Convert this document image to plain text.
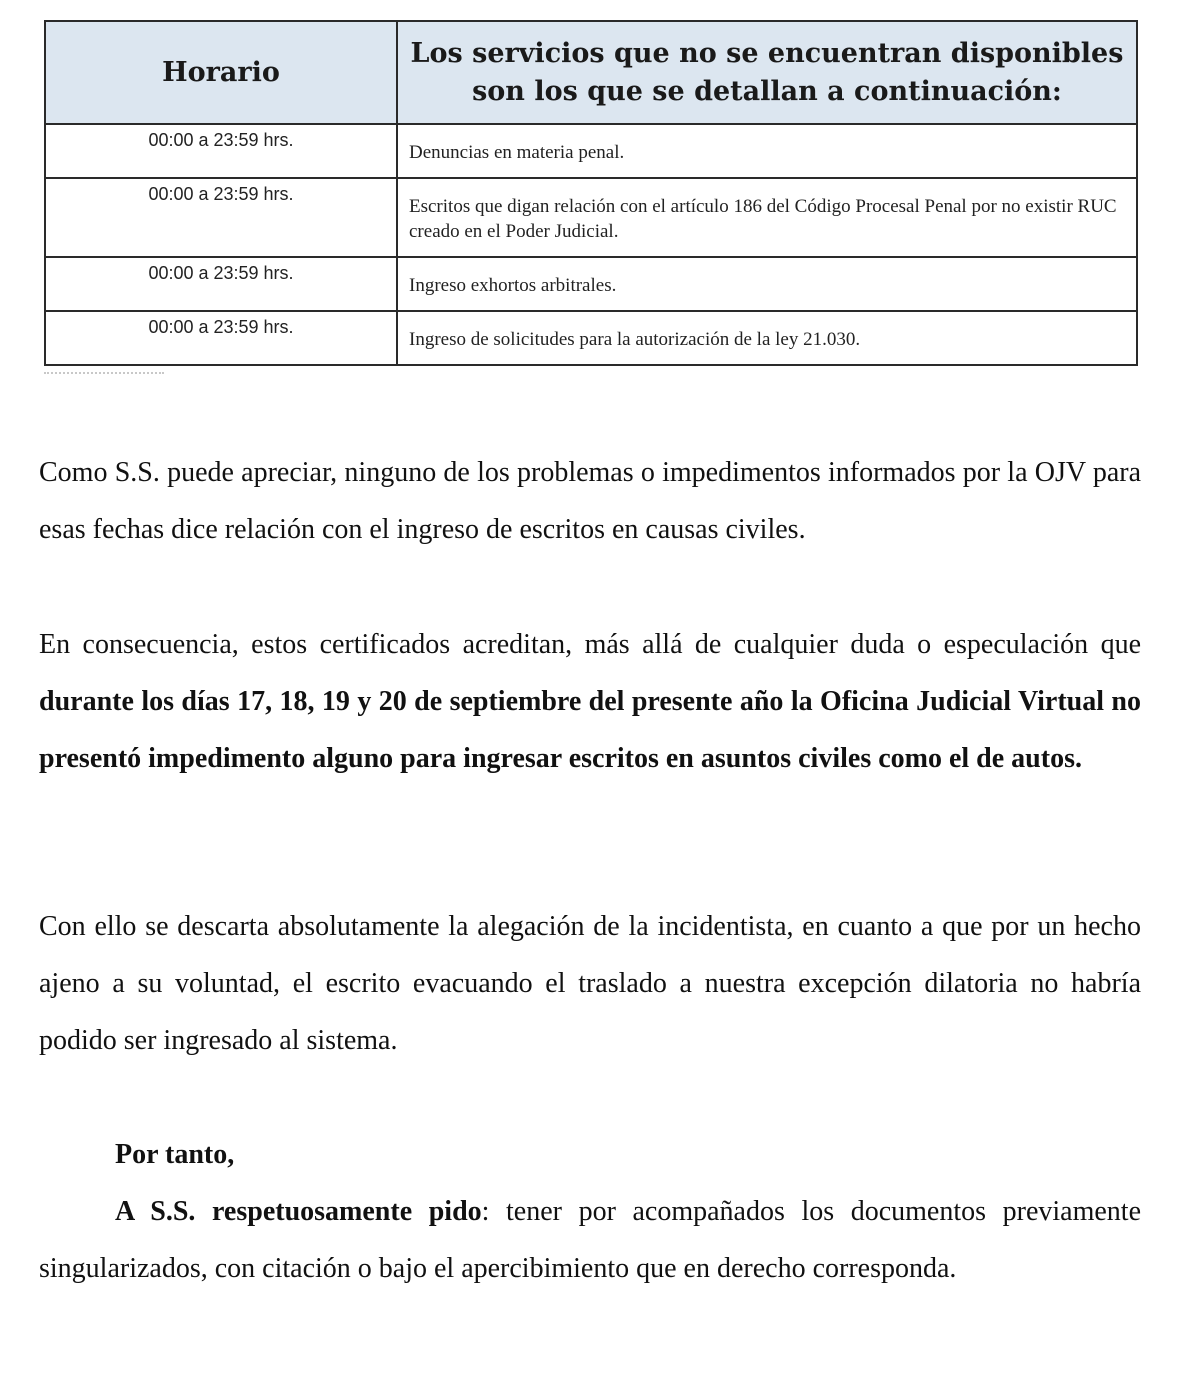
Horario	Los servicios que no se encuentran disponibles
son los que se detallan a continuación:
00:00 a 23:59 hrs.	Denuncias en materia penal.
00:00 a 23:59 hrs.	Escritos que digan relación con el artículo 186 del Código Procesal Penal por no existir RUC creado en el Poder Judicial.
00:00 a 23:59 hrs.	Ingreso exhortos arbitrales.
00:00 a 23:59 hrs.	Ingreso de solicitudes para la autorización de la ley 21.030.

Como S.S. puede apreciar, ninguno de los problemas o impedimentos informados por la OJV para esas fechas dice relación con el ingreso de escritos en causas civiles.

En consecuencia, estos certificados acreditan, más allá de cualquier duda o especulación que durante los días 17, 18, 19 y 20 de septiembre del presente año la Oficina Judicial Virtual no presentó impedimento alguno para ingresar escritos en asuntos civiles como el de autos.

Con ello se descarta absolutamente la alegación de la incidentista, en cuanto a que por un hecho ajeno a su voluntad, el escrito evacuando el traslado a nuestra excepción dilatoria no habría podido ser ingresado al sistema.

Por tanto,

A S.S. respetuosamente pido: tener por acompañados los documentos previamente singularizados, con citación o bajo el apercibimiento que en derecho corresponda.
